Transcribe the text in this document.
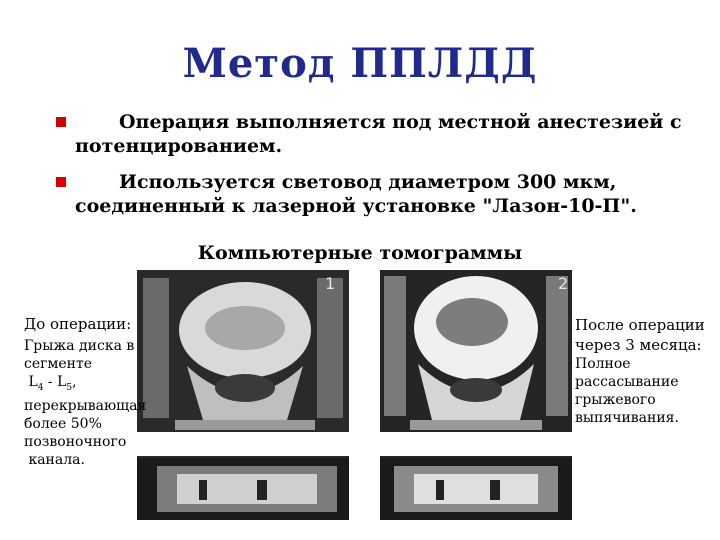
Метод ППЛДД
Операция выполняется под местной анестезией с
потенцированием.
Используется световод диаметром 300 мкм,
соединенный к лазерной установке "Лазон-10-П".
Компьютерные томограммы
1	2
До операции:
Грыжа диска в
сегменте
$L_4 - L_5$,
перекрывающая
более 50%
позвоночного
канала.
После операции
через 3 месяца:
Полное
рассасывание
грыжевого
выпячивания.
